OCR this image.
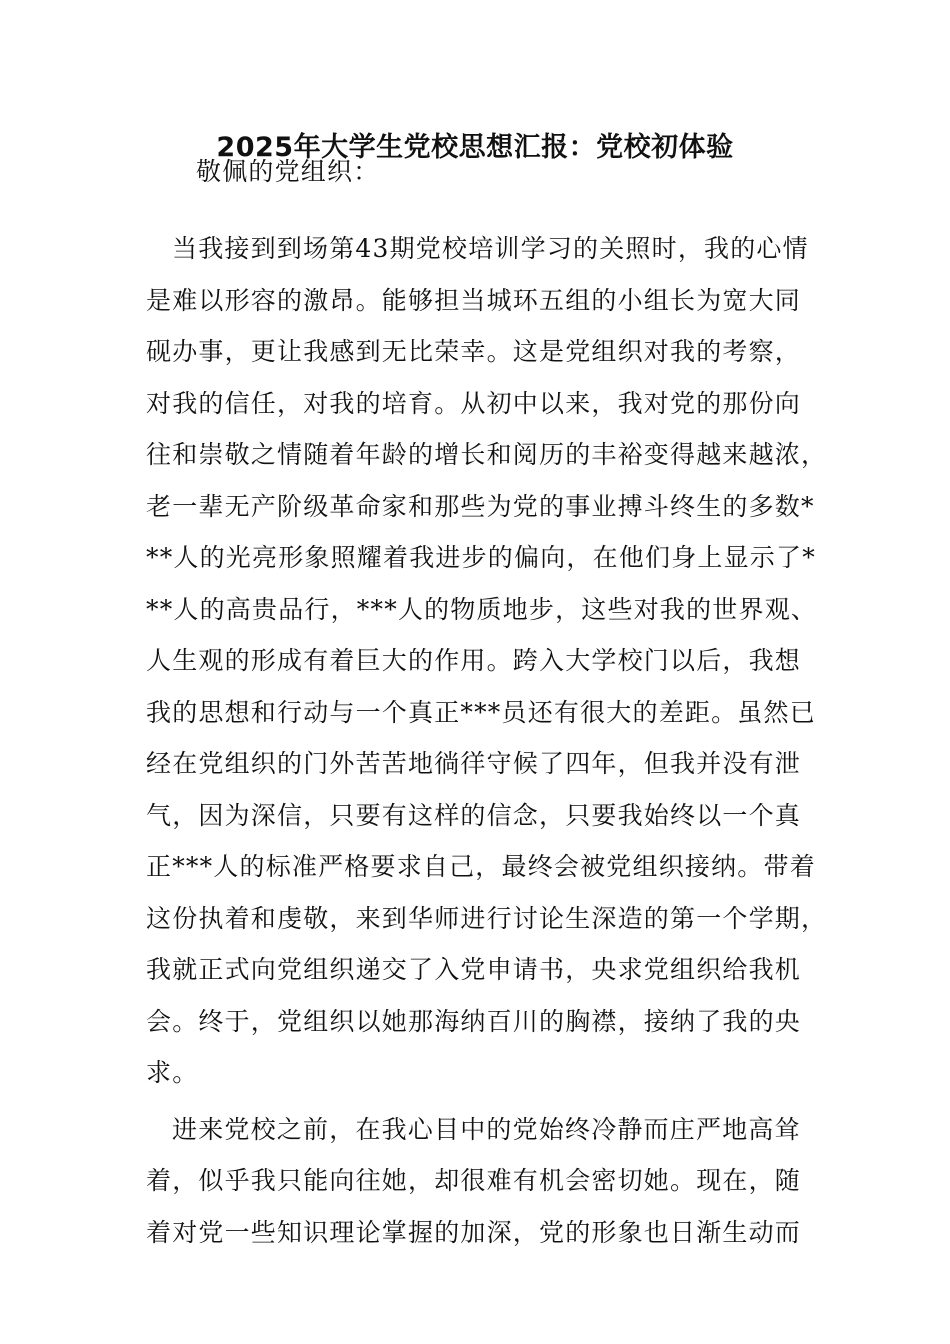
2025年大学生党校思想汇报：党校初体验
敬佩的党组织：
当我接到到场第43期党校培训学习的关照时，我的心情
是难以形容的激昂。能够担当城环五组的小组长为宽大同
砚办事，更让我感到无比荣幸。这是党组织对我的考察，
对我的信任，对我的培育。从初中以来，我对党的那份向
往和崇敬之情随着年龄的增长和阅历的丰裕变得越来越浓，
老一辈无产阶级革命家和那些为党的事业搏斗终生的多数*
**人的光亮形象照耀着我进步的偏向，在他们身上显示了*
**人的高贵品行，***人的物质地步，这些对我的世界观、
人生观的形成有着巨大的作用。跨入大学校门以后，我想
我的思想和行动与一个真正***员还有很大的差距。虽然已
经在党组织的门外苦苦地徜徉守候了四年，但我并没有泄
气，因为深信，只要有这样的信念，只要我始终以一个真
正***人的标准严格要求自己，最终会被党组织接纳。带着
这份执着和虔敬，来到华师进行讨论生深造的第一个学期，
我就正式向党组织递交了入党申请书，央求党组织给我机
会。终于，党组织以她那海纳百川的胸襟，接纳了我的央
求。
进来党校之前，在我心目中的党始终冷静而庄严地高耸
着，似乎我只能向往她，却很难有机会密切她。现在，随
着对党一些知识理论掌握的加深，党的形象也日渐生动而
